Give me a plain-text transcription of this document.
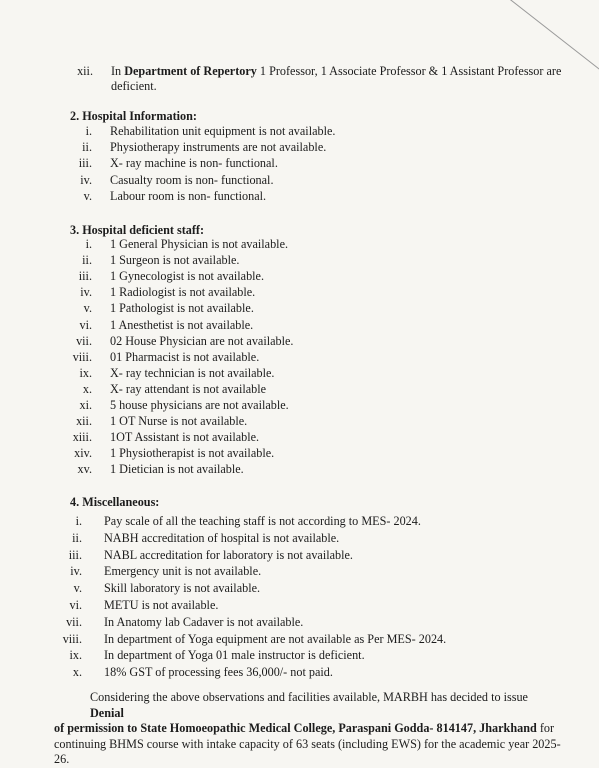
xii. In Department of Repertory 1 Professor, 1 Associate Professor & 1 Assistant Professor are
deficient.
2. Hospital Information:
i. Rehabilitation unit equipment is not available.
ii. Physiotherapy instruments are not available.
iii. X- ray machine is non- functional.
iv. Casualty room is non- functional.
v. Labour room is non- functional.
3. Hospital deficient staff:
i. 1 General Physician is not available.
ii. 1 Surgeon is not available.
iii. 1 Gynecologist is not available.
iv. 1 Radiologist is not available.
v. 1 Pathologist is not available.
vi. 1 Anesthetist is not available.
vii. 02 House Physician are not available.
viii. 01 Pharmacist is not available.
ix. X- ray technician is not available.
x. X- ray attendant is not available
xi. 5 house physicians are not available.
xii. 1 OT Nurse is not available.
xiii. 1OT Assistant is not available.
xiv. 1 Physiotherapist is not available.
xv. 1 Dietician is not available.
4. Miscellaneous:
i. Pay scale of all the teaching staff is not according to MES- 2024.
ii. NABH accreditation of hospital is not available.
iii. NABL accreditation for laboratory is not available.
iv. Emergency unit is not available.
v. Skill laboratory is not available.
vi. METU is not available.
vii. In Anatomy lab Cadaver is not available.
viii. In department of Yoga equipment are not available as Per MES- 2024.
ix. In department of Yoga 01 male instructor is deficient.
x. 18% GST of processing fees 36,000/- not paid.
Considering the above observations and facilities available, MARBH has decided to issue Denial
of permission to State Homoeopathic Medical College, Paraspani Godda- 814147, Jharkhand for
continuing BHMS course with intake capacity of 63 seats (including EWS) for the academic year 2025-
26.
